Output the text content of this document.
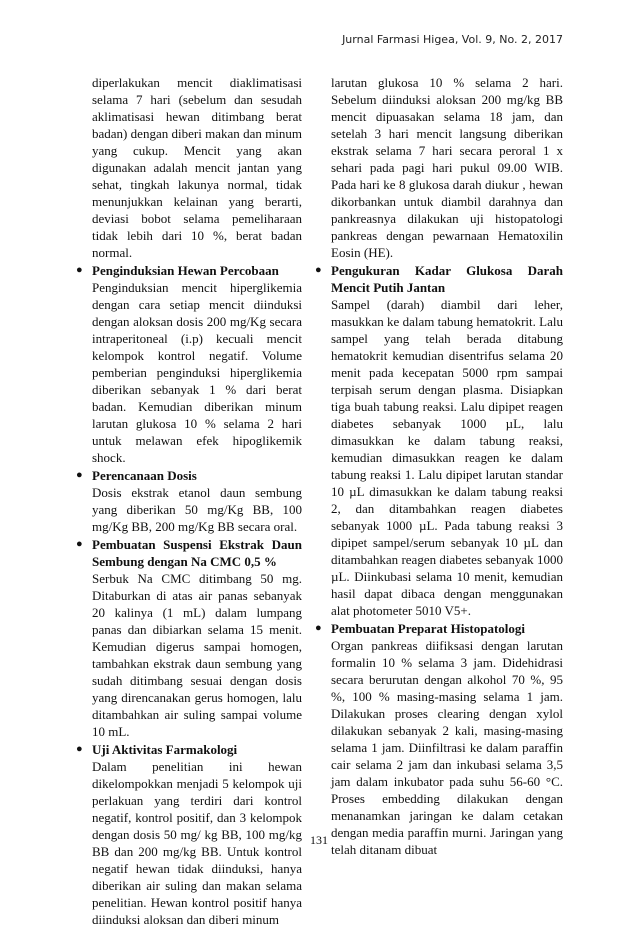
Jurnal Farmasi Higea, Vol. 9, No. 2, 2017

diperlakukan mencit diaklimatisasi selama 7 hari (sebelum dan sesudah aklimatisasi hewan ditimbang berat badan) dengan diberi makan dan minum yang cukup. Mencit yang akan digunakan adalah mencit jantan yang sehat, tingkah lakunya normal, tidak menunjukkan kelainan yang berarti, deviasi bobot selama pemeliharaan tidak lebih dari 10 %, berat badan normal.

● Penginduksian Hewan Percobaan
Penginduksian mencit hiperglikemia dengan cara setiap mencit diinduksi dengan aloksan dosis 200 mg/Kg secara intraperitoneal (i.p) kecuali mencit kelompok kontrol negatif. Volume pemberian penginduksi hiperglikemia diberikan sebanyak 1 % dari berat badan. Kemudian diberikan minum larutan glukosa 10 % selama 2 hari untuk melawan efek hipoglikemik shock.
● Perencanaan Dosis
Dosis ekstrak etanol daun sembung yang diberikan 50 mg/Kg BB, 100 mg/Kg BB, 200 mg/Kg BB secara oral.
● Pembuatan Suspensi Ekstrak Daun Sembung dengan Na CMC 0,5 %
Serbuk Na CMC ditimbang 50 mg. Ditaburkan di atas air panas sebanyak 20 kalinya (1 mL) dalam lumpang panas dan dibiarkan selama 15 menit. Kemudian digerus sampai homogen, tambahkan ekstrak daun sembung yang sudah ditimbang sesuai dengan dosis yang direncanakan gerus homogen, lalu ditambahkan air suling sampai volume 10 mL.
● Uji Aktivitas Farmakologi
Dalam penelitian ini hewan dikelompokkan menjadi 5 kelompok uji perlakuan yang terdiri dari kontrol negatif, kontrol positif, dan 3 kelompok dengan dosis 50 mg/ kg BB, 100 mg/kg BB dan 200 mg/kg BB. Untuk kontrol negatif hewan tidak diinduksi, hanya diberikan air suling dan makan selama penelitian. Hewan kontrol positif hanya diinduksi aloksan dan diberi minum

larutan glukosa 10 % selama 2 hari. Sebelum diinduksi aloksan 200 mg/kg BB mencit dipuasakan selama 18 jam, dan setelah 3 hari mencit langsung diberikan ekstrak selama 7 hari secara peroral 1 x sehari pada pagi hari pukul 09.00 WIB. Pada hari ke 8 glukosa darah diukur , hewan dikorbankan untuk diambil darahnya dan pankreasnya dilakukan uji histopatologi pankreas dengan pewarnaan Hematoxilin Eosin (HE).

● Pengukuran Kadar Glukosa Darah Mencit Putih Jantan
Sampel (darah) diambil dari leher, masukkan ke dalam tabung hematokrit. Lalu sampel yang telah berada ditabung hematokrit kemudian disentrifus selama 20 menit pada kecepatan 5000 rpm sampai terpisah serum dengan plasma. Disiapkan tiga buah tabung reaksi. Lalu dipipet reagen diabetes sebanyak 1000 µL, lalu dimasukkan ke dalam tabung reaksi, kemudian dimasukkan reagen ke dalam tabung reaksi 1. Lalu dipipet larutan standar 10 µL dimasukkan ke dalam tabung reaksi 2, dan ditambahkan reagen diabetes sebanyak 1000 µL. Pada tabung reaksi 3 dipipet sampel/serum sebanyak 10 µL dan ditambahkan reagen diabetes sebanyak 1000 µL. Diinkubasi selama 10 menit, kemudian hasil dapat dibaca dengan menggunakan alat photometer 5010 V5+.
● Pembuatan Preparat Histopatologi
Organ pankreas diifiksasi dengan larutan formalin 10 % selama 3 jam. Didehidrasi secara berurutan dengan alkohol 70 %, 95 %, 100 % masing-masing selama 1 jam. Dilakukan proses clearing dengan xylol dilakukan sebanyak 2 kali, masing-masing selama 1 jam. Diinfiltrasi ke dalam paraffin cair selama 2 jam dan inkubasi selama 3,5 jam dalam inkubator pada suhu 56-60 °C. Proses embedding dilakukan dengan menanamkan jaringan ke dalam cetakan dengan media paraffin murni. Jaringan yang telah ditanam dibuat
131
